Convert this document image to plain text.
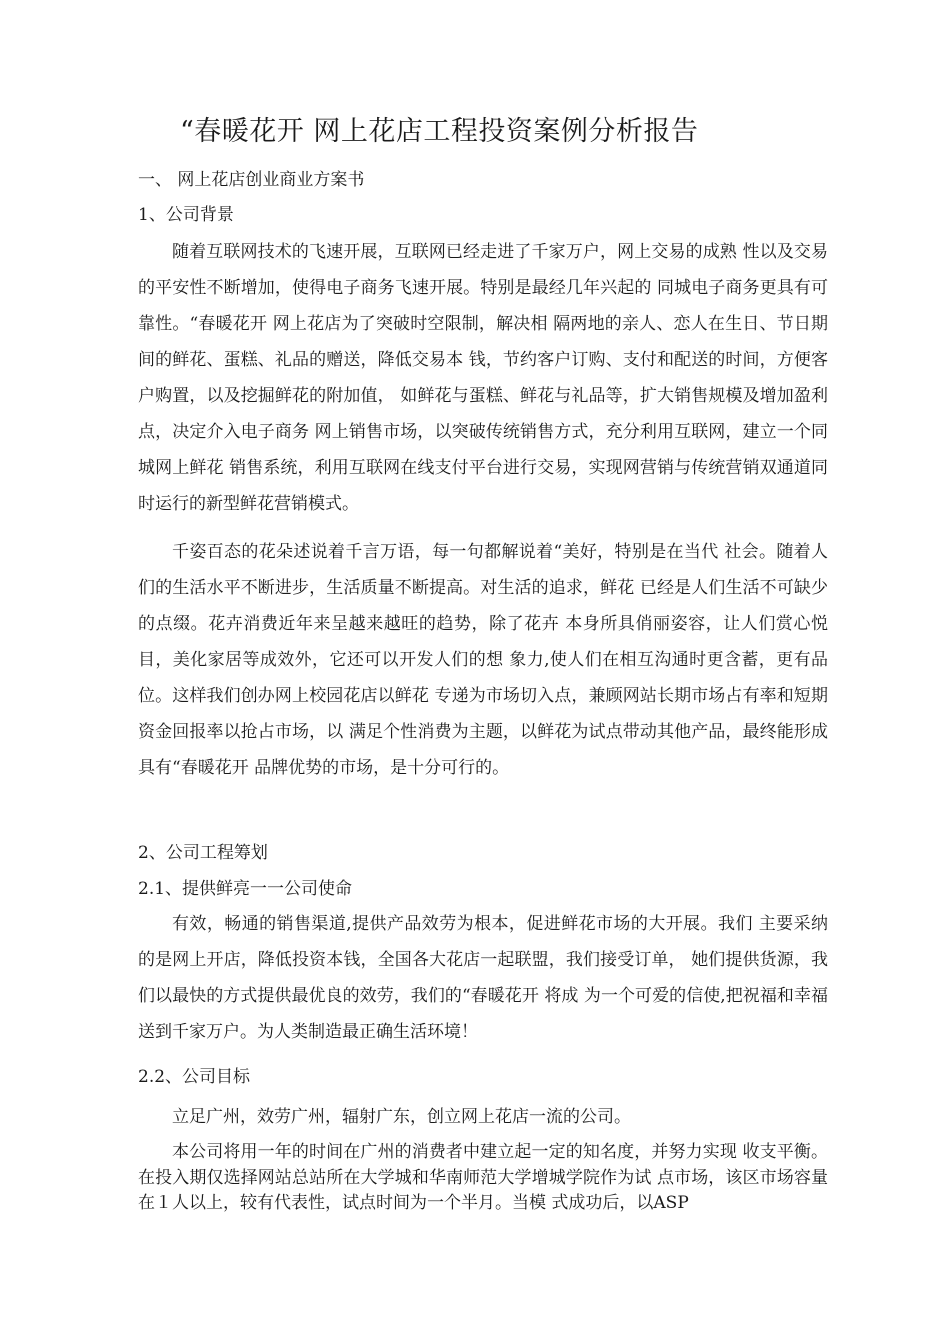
“春暖花开 网上花店工程投资案例分析报告
一、 网上花店创业商业方案书
1、公司背景

随着互联网技术的飞速开展，互联网已经走进了千家万户，网上交易的成熟 性以及交易的平安性不断增加，使得电子商务飞速开展。特别是最经几年兴起的 同城电子商务更具有可靠性。“春暖花开 网上花店为了突破时空限制，解决相 隔两地的亲人、恋人在生日、节日期间的鲜花、蛋糕、礼品的赠送，降低交易本 钱，节约客户订购、支付和配送的时间，方便客户购置，以及挖掘鲜花的附加值， 如鲜花与蛋糕、鲜花与礼品等，扩大销售规模及增加盈利点，决定介入电子商务 网上销售市场，以突破传统销售方式，充分利用互联网，建立一个同城网上鲜花 销售系统，利用互联网在线支付平台进行交易，实现网营销与传统营销双通道同 时运行的新型鲜花营销模式。

千姿百态的花朵述说着千言万语，每一句都解说着“美好，特别是在当代 社会。随着人们的生活水平不断进步，生活质量不断提高。对生活的追求，鲜花 已经是人们生活不可缺少的点缀。花卉消费近年来呈越来越旺的趋势，除了花卉 本身所具俏丽姿容，让人们赏心悦目，美化家居等成效外，它还可以开发人们的想 象力,使人们在相互沟通时更含蓄，更有品位。这样我们创办网上校园花店以鲜花 专递为市场切入点，兼顾网站长期市场占有率和短期资金回报率以抢占市场，以 满足个性消费为主题，以鲜花为试点带动其他产品，最终能形成具有“春暖花开 品牌优势的市场，是十分可行的。

2、公司工程筹划
2.1、提供鲜亮一一公司使命

有效，畅通的销售渠道,提供产品效劳为根本，促进鲜花市场的大开展。我们 主要采纳的是网上开店，降低投资本钱，全国各大花店一起联盟，我们接受订单， 她们提供货源，我们以最快的方式提供最优良的效劳，我们的“春暖花开 将成 为一个可爱的信使,把祝福和幸福送到千家万户。为人类制造最正确生活环境！

2.2、公司目标

立足广州，效劳广州，辐射广东，创立网上花店一流的公司。

本公司将用一年的时间在广州的消费者中建立起一定的知名度，并努力实现 收支平衡。在投入期仅选择网站总站所在大学城和华南师范大学增城学院作为试 点市场，该区市场容量在１人以上，较有代表性，试点时间为一个半月。当模 式成功后，以ASP
